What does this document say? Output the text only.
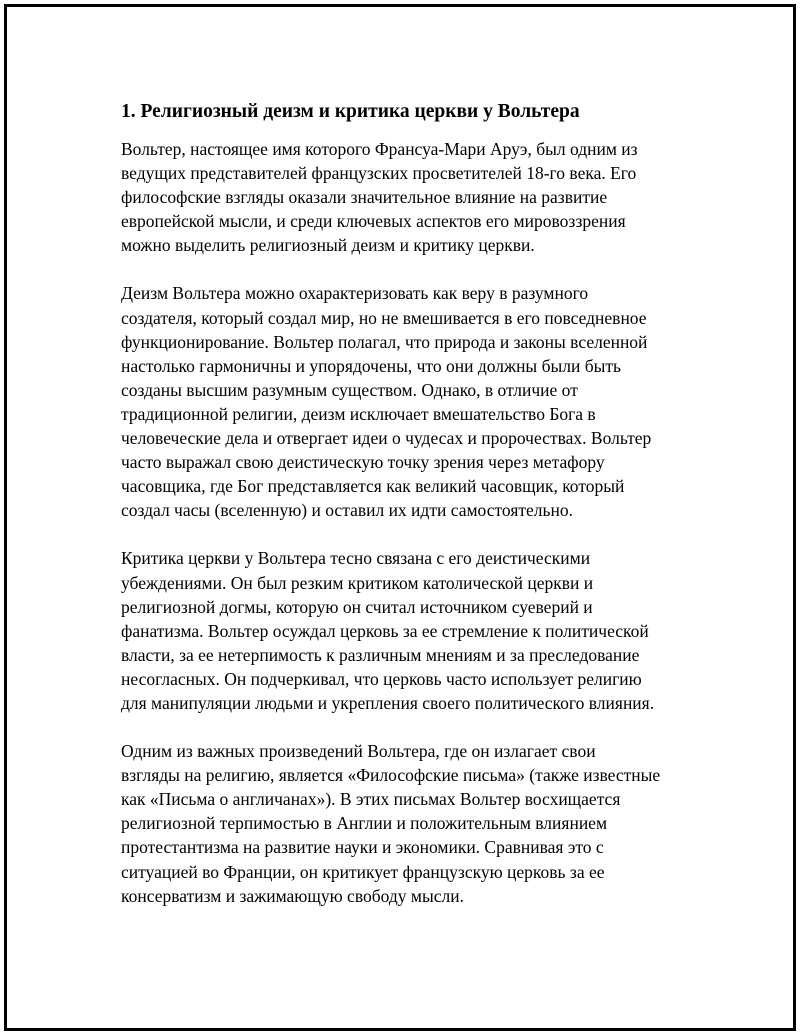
1. Религиозный деизм и критика церкви у Вольтера

Вольтер, настоящее имя которого Франсуа-Мари Аруэ, был одним из
ведущих представителей французских просветителей 18-го века. Его
философские взгляды оказали значительное влияние на развитие
европейской мысли, и среди ключевых аспектов его мировоззрения
можно выделить религиозный деизм и критику церкви.

Деизм Вольтера можно охарактеризовать как веру в разумного
создателя, который создал мир, но не вмешивается в его повседневное
функционирование. Вольтер полагал, что природа и законы вселенной
настолько гармоничны и упорядочены, что они должны были быть
созданы высшим разумным существом. Однако, в отличие от
традиционной религии, деизм исключает вмешательство Бога в
человеческие дела и отвергает идеи о чудесах и пророчествах. Вольтер
часто выражал свою деистическую точку зрения через метафору
часовщика, где Бог представляется как великий часовщик, который
создал часы (вселенную) и оставил их идти самостоятельно.

Критика церкви у Вольтера тесно связана с его деистическими
убеждениями. Он был резким критиком католической церкви и
религиозной догмы, которую он считал источником суеверий и
фанатизма. Вольтер осуждал церковь за ее стремление к политической
власти, за ее нетерпимость к различным мнениям и за преследование
несогласных. Он подчеркивал, что церковь часто использует религию
для манипуляции людьми и укрепления своего политического влияния.

Одним из важных произведений Вольтера, где он излагает свои
взгляды на религию, является «Философские письма» (также известные
как «Письма о англичанах»). В этих письмах Вольтер восхищается
религиозной терпимостью в Англии и положительным влиянием
протестантизма на развитие науки и экономики. Сравнивая это с
ситуацией во Франции, он критикует французскую церковь за ее
консерватизм и зажимающую свободу мысли.
